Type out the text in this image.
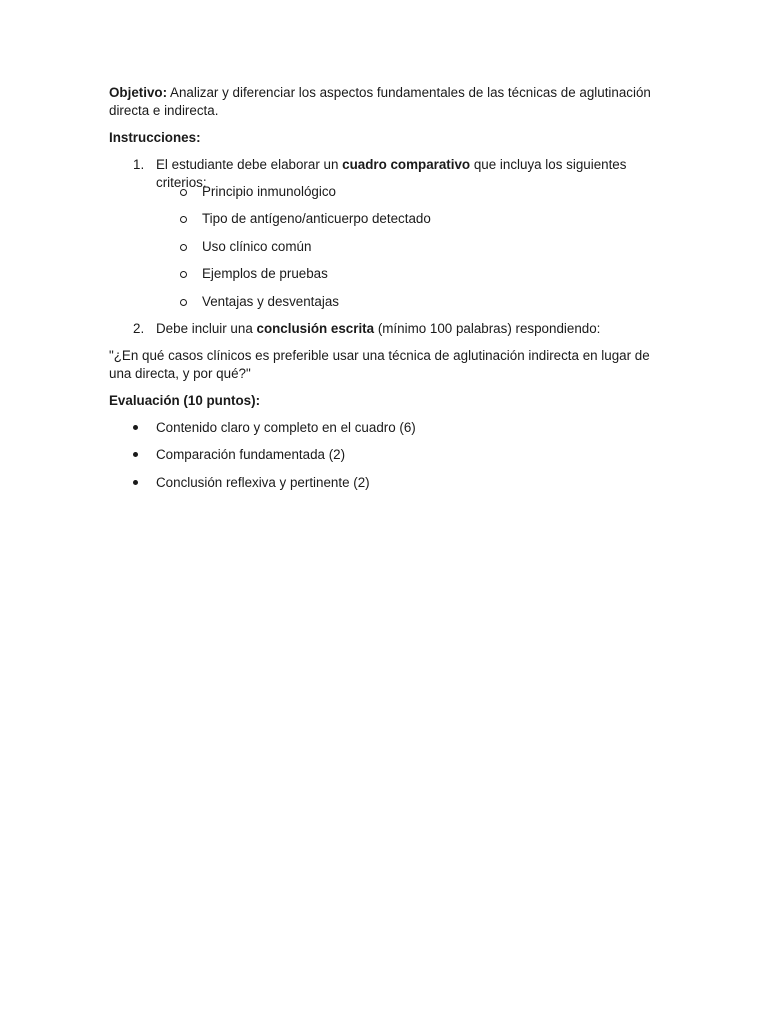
Objetivo: Analizar y diferenciar los aspectos fundamentales de las técnicas de aglutinación directa e indirecta.

Instrucciones:

1. El estudiante debe elaborar un cuadro comparativo que incluya los siguientes criterios:
Principio inmunológico
Tipo de antígeno/anticuerpo detectado
Uso clínico común
Ejemplos de pruebas
Ventajas y desventajas
2. Debe incluir una conclusión escrita (mínimo 100 palabras) respondiendo:

"¿En qué casos clínicos es preferible usar una técnica de aglutinación indirecta en lugar de una directa, y por qué?"

Evaluación (10 puntos):

Contenido claro y completo en el cuadro (6)
Comparación fundamentada (2)
Conclusión reflexiva y pertinente (2)
